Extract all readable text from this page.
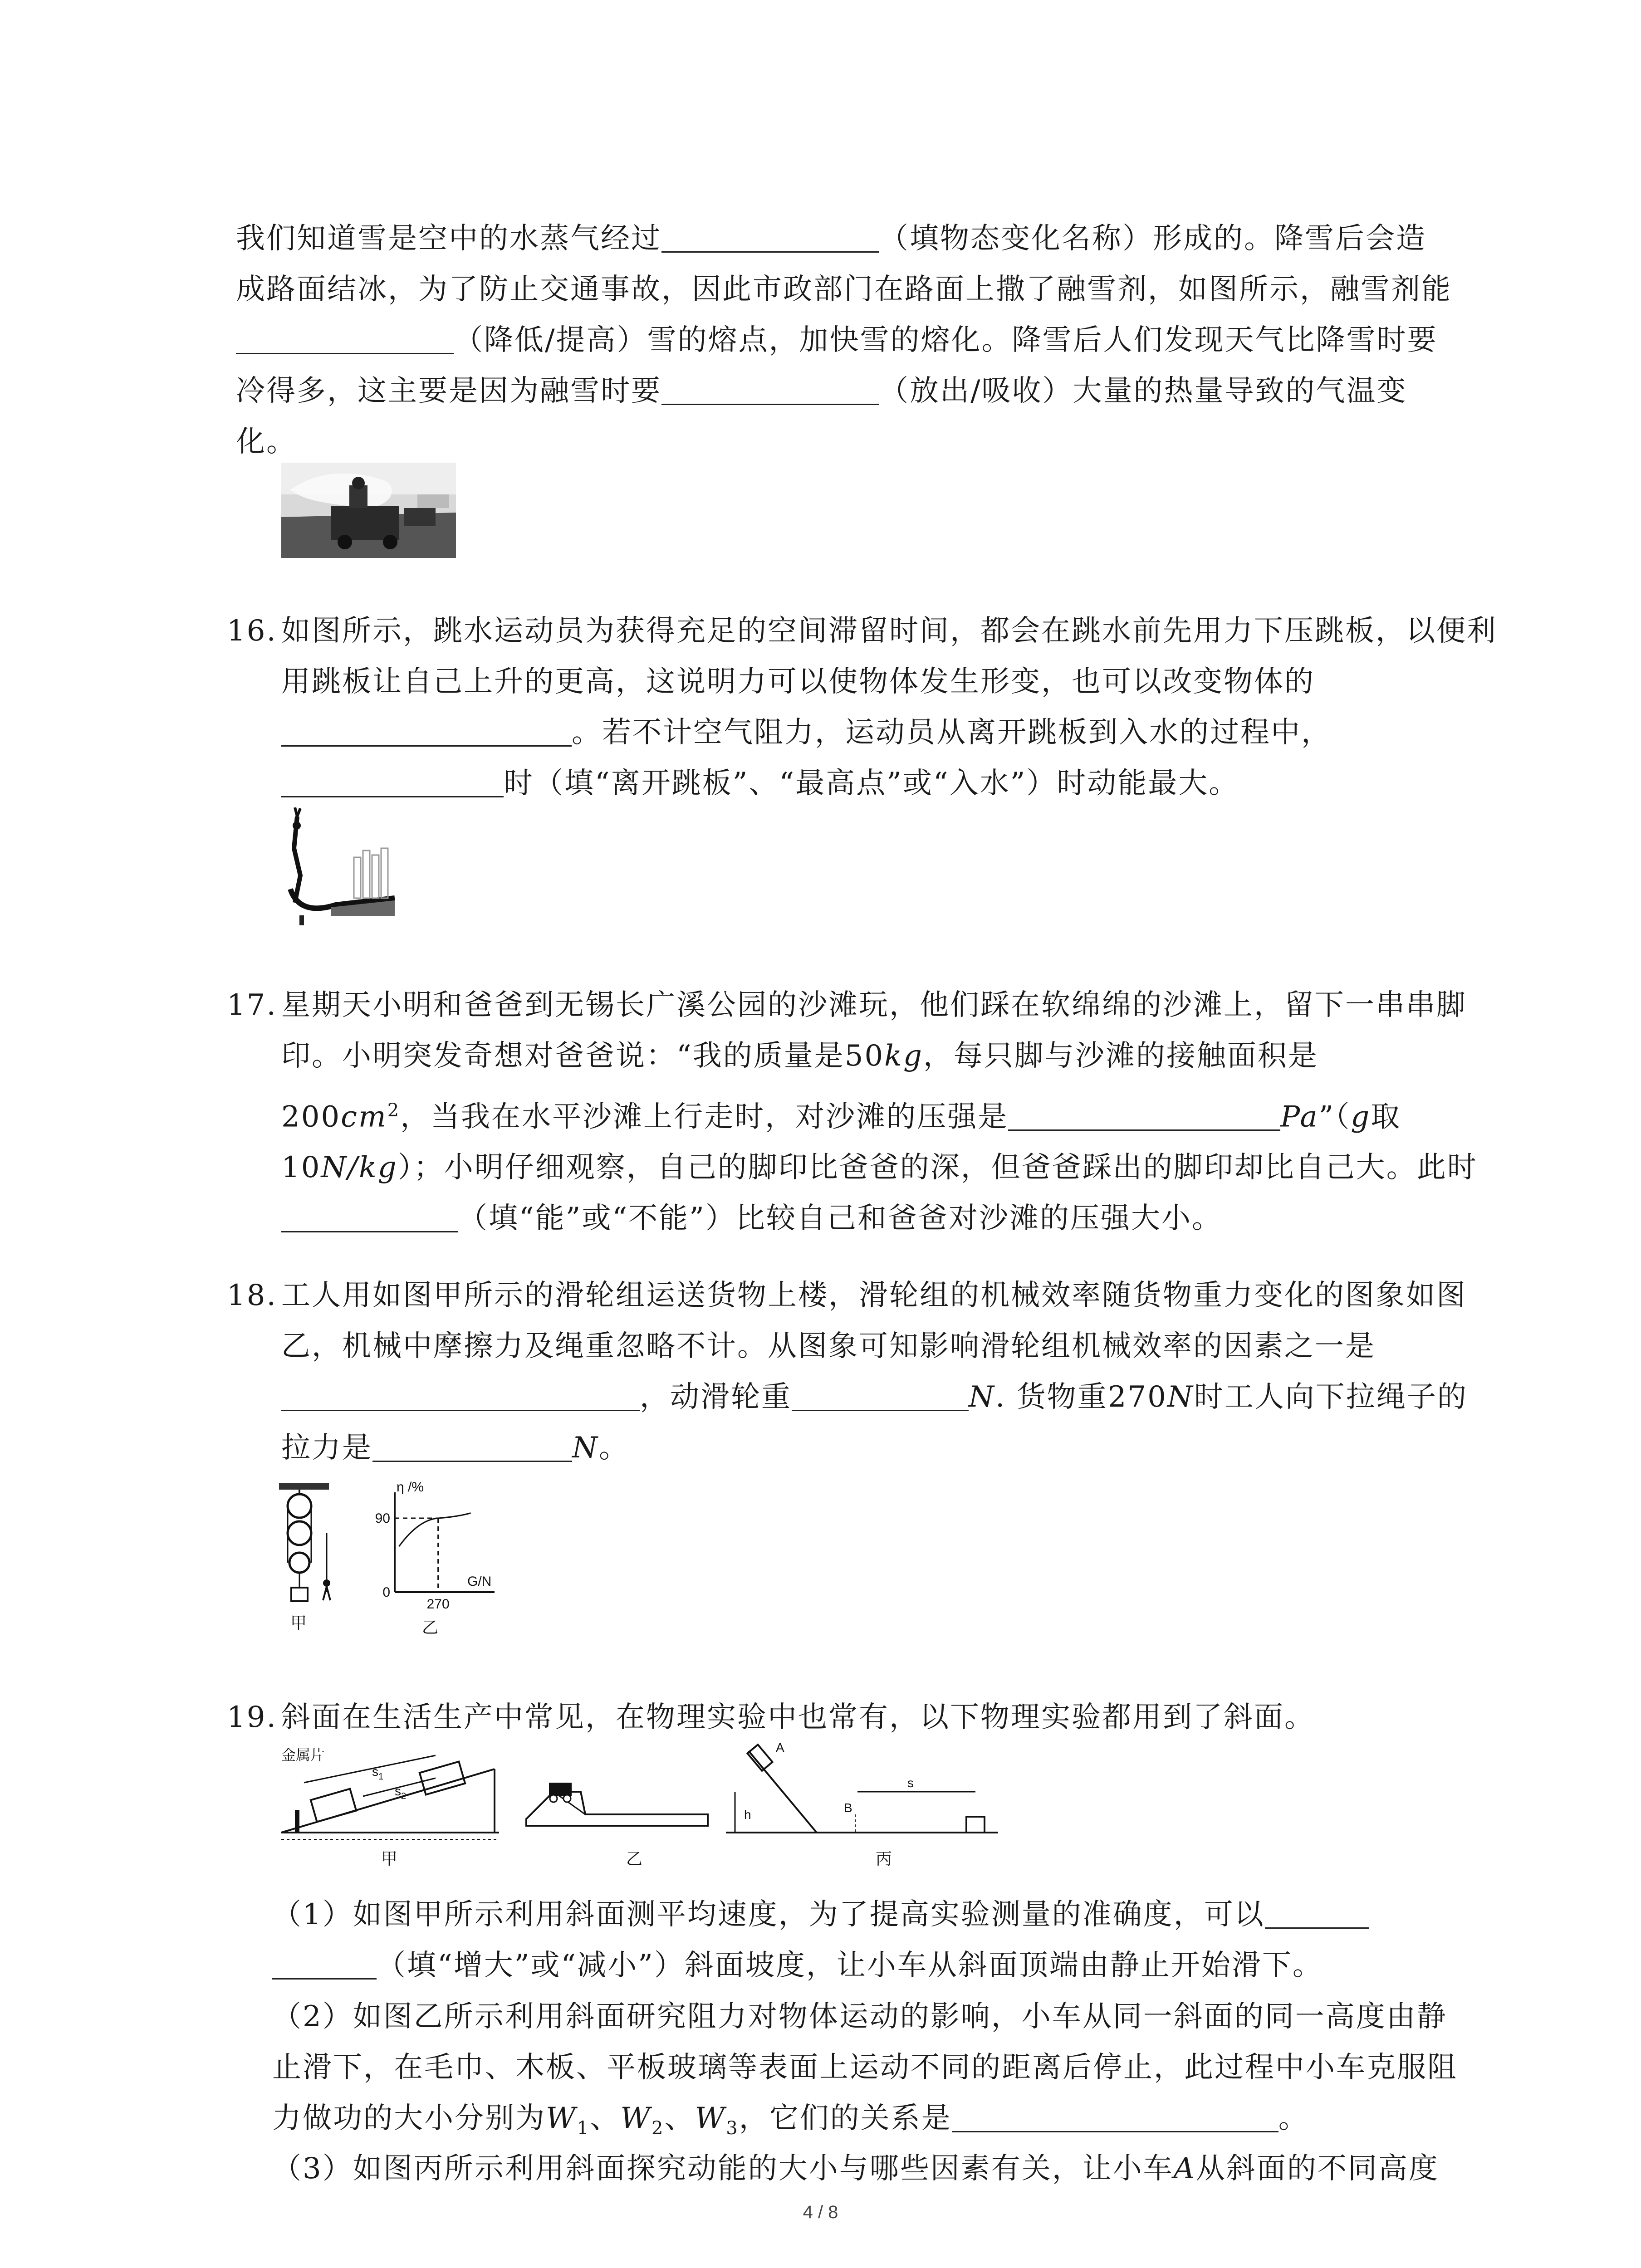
我们知道雪是空中的水蒸气经过	（填物态变化名称）形成的。降雪后会造成路面结冰，为了防止交通事故，因此市政部门在路面上撒了融雪剂，如图所示，融雪剂能（降低/提高）雪的熔点，加快雪的熔化。降雪后人们发现天气比降雪时要冷得多，这主要是因为融雪时要	（放出/吸收）大量的热量导致的气温变化。
16. 如图所示，跳水运动员为获得充足的空间滞留时间，都会在跳水前先用力下压跳板，以便利用跳板让自己上升的更高，这说明力可以使物体发生形变，也可以改变物体的
。若不计空气阻力，运动员从离开跳板到入水的过程中，
时（填“离开跳板”、“最高点”或“入水”）时动能最大。
17. 星期天小明和爸爸到无锡长广溪公园的沙滩玩，他们踩在软绵绵的沙滩上，留下一串串脚印。小明突发奇想对爸爸说：“我的质量是50kg，每只脚与沙滩的接触面积是
$200cm^2$，当我在水平沙滩上行走时，对沙滩的压强是	Pa”（g取10N/kg）；小明仔细观察，自己的脚印比爸爸的深，但爸爸踩出的脚印却比自己大。此时（填“能”或“不能”）比较自己和爸爸对沙滩的压强大小。
18. 工人用如图甲所示的滑轮组运送货物上楼，滑轮组的机械效率随货物重力变化的图象如图乙，机械中摩擦力及绳重忽略不计。从图象可知影响滑轮组机械效率的因素之一是
，动滑轮重	N. 货物重270N时工人向下拉绳子的拉力是	N。
甲
η /%
G/N
90
0
270
乙
19. 斜面在生活生产中常见，在物理实验中也常有，以下物理实验都用到了斜面。
金属片
$s_1$
$s_2$
甲	乙
A
h	B
s
丙
（1）如图甲所示利用斜面测平均速度，为了提高实验测量的准确度，可以
（填“增大”或“减小”）斜面坡度，让小车从斜面顶端由静止开始滑下。
（2）如图乙所示利用斜面研究阻力对物体运动的影响，小车从同一斜面的同一高度由静止滑下，在毛巾、木板、平板玻璃等表面上运动不同的距离后停止，此过程中小车克服阻力做功的大小分别为$W_1$、$W_2$、$W_3$，它们的关系是	。
（3）如图丙所示利用斜面探究动能的大小与哪些因素有关，让小车A从斜面的不同高度
4 / 8
